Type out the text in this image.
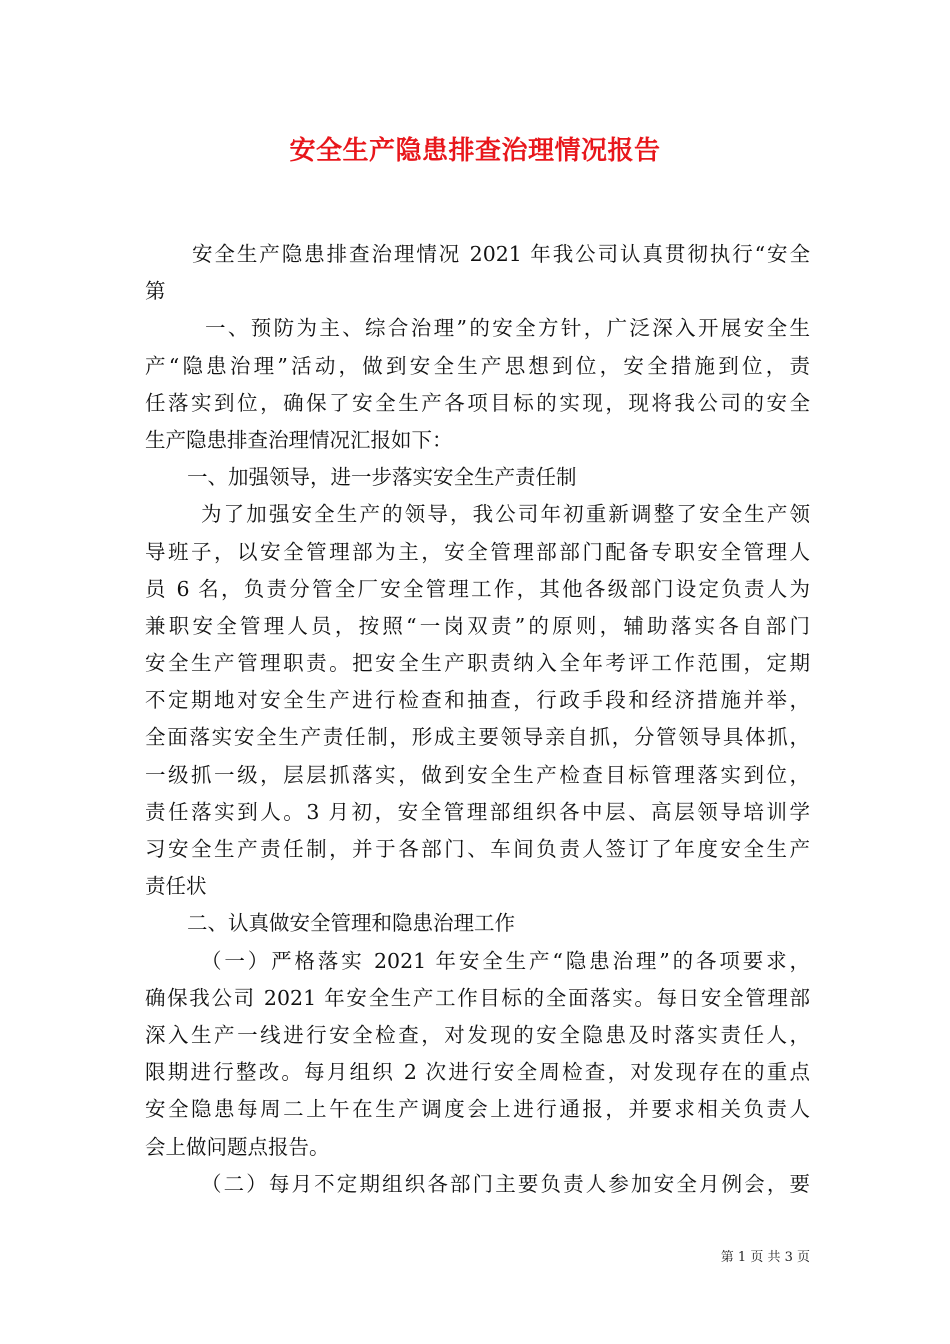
安全生产隐患排查治理情况报告
安全生产隐患排查治理情况 2021 年我公司认真贯彻执行“安全
第
一、预防为主、综合治理”的安全方针，广泛深入开展安全生
产“隐患治理”活动，做到安全生产思想到位，安全措施到位，责
任落实到位，确保了安全生产各项目标的实现，现将我公司的安全
生产隐患排查治理情况汇报如下：
一、加强领导，进一步落实安全生产责任制
为了加强安全生产的领导，我公司年初重新调整了安全生产领
导班子，以安全管理部为主，安全管理部部门配备专职安全管理人
员 6 名，负责分管全厂安全管理工作，其他各级部门设定负责人为
兼职安全管理人员，按照“一岗双责”的原则，辅助落实各自部门
安全生产管理职责。把安全生产职责纳入全年考评工作范围，定期
不定期地对安全生产进行检查和抽查，行政手段和经济措施并举，
全面落实安全生产责任制，形成主要领导亲自抓，分管领导具体抓，
一级抓一级，层层抓落实，做到安全生产检查目标管理落实到位，
责任落实到人。3 月初，安全管理部组织各中层、高层领导培训学
习安全生产责任制，并于各部门、车间负责人签订了年度安全生产
责任状
二、认真做安全管理和隐患治理工作
（一）严格落实 2021 年安全生产“隐患治理”的各项要求，
确保我公司 2021 年安全生产工作目标的全面落实。每日安全管理部
深入生产一线进行安全检查，对发现的安全隐患及时落实责任人，
限期进行整改。每月组织 2 次进行安全周检查，对发现存在的重点
安全隐患每周二上午在生产调度会上进行通报，并要求相关负责人
会上做问题点报告。
（二）每月不定期组织各部门主要负责人参加安全月例会，要
第 1 页 共 3 页
